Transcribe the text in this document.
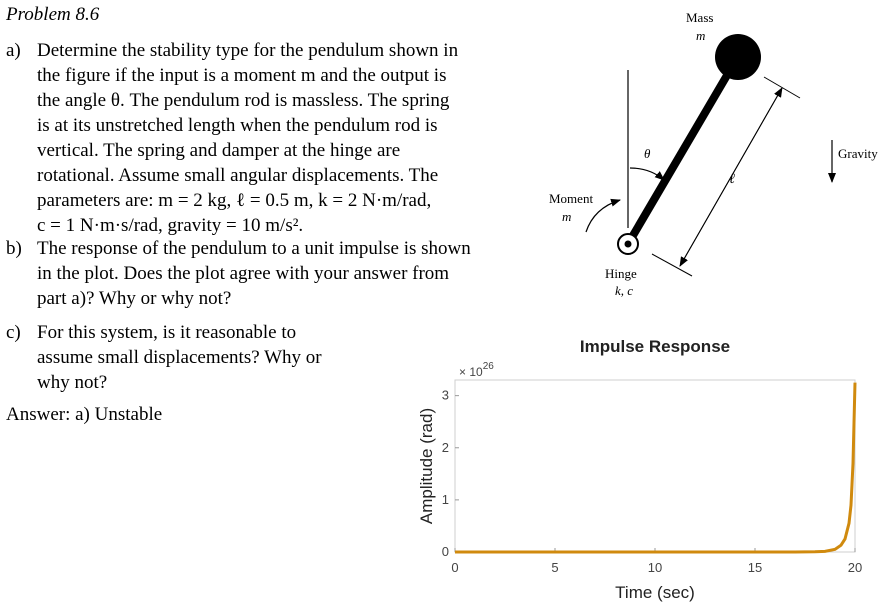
Problem 8.6
a) Determine the stability type for the pendulum shown in
the figure if the input is a moment m and the output is
the angle θ. The pendulum rod is massless. The spring
is at its unstretched length when the pendulum rod is
vertical. The spring and damper at the hinge are
rotational. Assume small angular displacements. The
parameters are: m = 2 kg, ℓ = 0.5 m, k = 2 N·m/rad,
c = 1 N·m·s/rad, gravity = 10 m/s².
b) The response of the pendulum to a unit impulse is shown
in the plot. Does the plot agree with your answer from
part a)? Why or why not?
c) For this system, is it reasonable to
assume small displacements? Why or
why not?
Answer: a) Unstable
θ
ℓ
Mass
m
Gravity
Moment
m
Hinge
k, c
Impulse Response
× $10^{26}$
0	5	10	15	20
0
1
2
3
Time (sec)
Amplitude (rad)
